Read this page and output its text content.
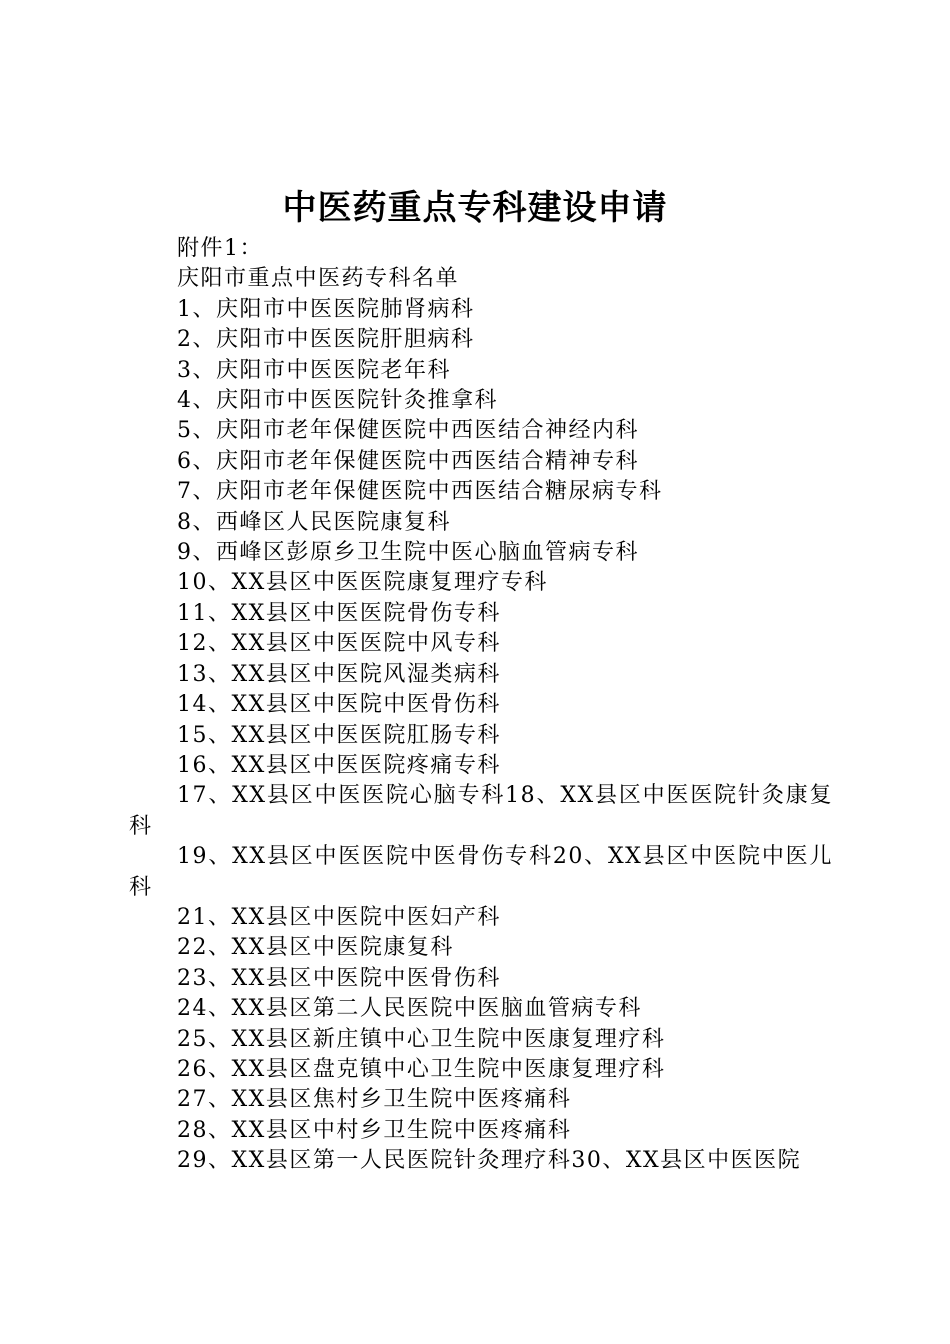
中医药重点专科建设申请

附件1：

庆阳市重点中医药专科名单

1、庆阳市中医医院肺肾病科

2、庆阳市中医医院肝胆病科

3、庆阳市中医医院老年科

4、庆阳市中医医院针灸推拿科

5、庆阳市老年保健医院中西医结合神经内科

6、庆阳市老年保健医院中西医结合精神专科

7、庆阳市老年保健医院中西医结合糖尿病专科

8、西峰区人民医院康复科

9、西峰区彭原乡卫生院中医心脑血管病专科

10、XX县区中医医院康复理疗专科

11、XX县区中医医院骨伤专科

12、XX县区中医医院中风专科

13、XX县区中医院风湿类病科

14、XX县区中医院中医骨伤科

15、XX县区中医医院肛肠专科

16、XX县区中医医院疼痛专科

17、XX县区中医医院心脑专科18、XX县区中医医院针灸康复科

19、XX县区中医医院中医骨伤专科20、XX县区中医院中医儿科

21、XX县区中医院中医妇产科

22、XX县区中医院康复科

23、XX县区中医院中医骨伤科

24、XX县区第二人民医院中医脑血管病专科

25、XX县区新庄镇中心卫生院中医康复理疗科

26、XX县区盘克镇中心卫生院中医康复理疗科

27、XX县区焦村乡卫生院中医疼痛科

28、XX县区中村乡卫生院中医疼痛科

29、XX县区第一人民医院针灸理疗科30、XX县区中医医院
